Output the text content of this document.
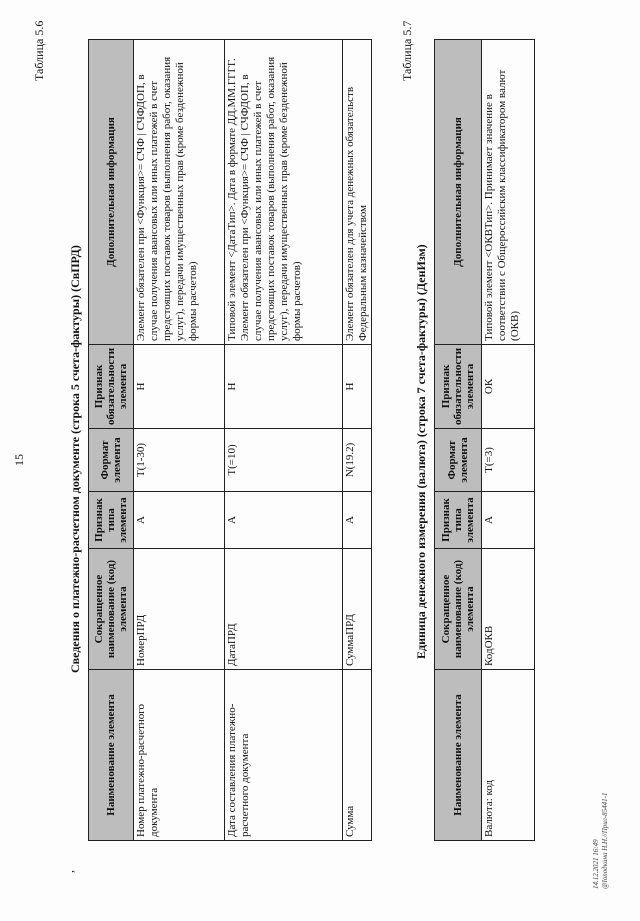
15
Таблица 5.6
Сведения о платежно-расчетном документе (строка 5 счета-фактуры) (СвПРД)
Наименование элемента	Сокращенное наименование (код) элемента	Признак типа элемента	Формат элемента	Признак обязательности элемента	Дополнительная информация
Номер платежно-расчетного документа	НомерПРД	А	T(1-30)	Н	Элемент обязателен при <Функция>= СЧФ | СЧФДОП, в случае получения авансовых или иных платежей в счет предстоящих поставок товаров (выполнения работ, оказания услуг), передачи имущественных прав (кроме безденежной формы расчетов)
Дата составления платежно-расчетного документа	ДатаПРД	А	T(=10)	Н	Типовой элемент <ДатаТип>. Дата в формате ДД.ММ.ГГГГ. Элемент обязателен при <Функция>= СЧФ | СЧФДОП, в случае получения авансовых или иных платежей в счет предстоящих поставок товаров (выполнения работ, оказания услуг), передачи имущественных прав (кроме безденежной формы расчетов)
Сумма	СуммаПРД	А	N(19.2)	Н	Элемент обязателен для учета денежных обязательств Федеральным казначейством
Таблица 5.7
Единица денежного измерения (валюта) (строка 7 счета-фактуры) (ДенИзм)
Наименование элемента	Сокращенное наименование (код) элемента	Признак типа элемента	Формат элемента	Признак обязательности элемента	Дополнительная информация
Валюта: код	КодОКВ	А	T(=3)	ОК	Типовой элемент <ОКВТип>. Принимает значение в соответствии с Общероссийским классификатором валют (ОКВ)
14.12.2021 16:49 @Іоподкина Н.Н.//Прил-85441-1
,
